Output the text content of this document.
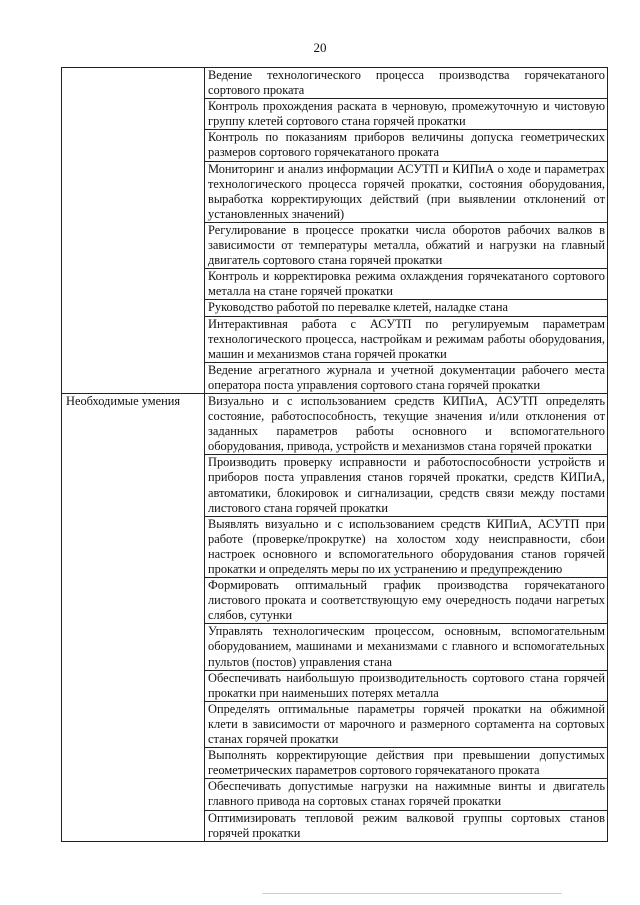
20
	Ведение технологического процесса производства горячекатаного сортового проката
	Контроль прохождения раската в черновую, промежуточную и чистовую группу клетей сортового стана горячей прокатки
	Контроль по показаниям приборов величины допуска геометрических размеров сортового горячекатаного проката
	Мониторинг и анализ информации АСУТП и КИПиА о ходе и параметрах технологического процесса горячей прокатки, состояния оборудования, выработка корректирующих действий (при выявлении отклонений от установленных значений)
	Регулирование в процессе прокатки числа оборотов рабочих валков в зависимости от температуры металла, обжатий и нагрузки на главный двигатель сортового стана горячей прокатки
	Контроль и корректировка режима охлаждения горячекатаного сортового металла на стане горячей прокатки
	Руководство работой по перевалке клетей, наладке стана
	Интерактивная работа с АСУТП по регулируемым параметрам технологического процесса, настройкам и режимам работы оборудования, машин и механизмов стана горячей прокатки
	Ведение агрегатного журнала и учетной документации рабочего места оператора поста управления сортового стана горячей прокатки
Необходимые умения	Визуально и с использованием средств КИПиА, АСУТП определять состояние, работоспособность, текущие значения и/или отклонения от заданных параметров работы основного и вспомогательного оборудования, привода, устройств и механизмов стана горячей прокатки
	Производить проверку исправности и работоспособности устройств и приборов поста управления станов горячей прокатки, средств КИПиА, автоматики, блокировок и сигнализации, средств связи между постами листового стана горячей прокатки
	Выявлять визуально и с использованием средств КИПиА, АСУТП при работе (проверке/прокрутке) на холостом ходу неисправности, сбои настроек основного и вспомогательного оборудования станов горячей прокатки и определять меры по их устранению и предупреждению
	Формировать оптимальный график производства горячекатаного листового проката и соответствующую ему очередность подачи нагретых слябов, сутунки
	Управлять технологическим процессом, основным, вспомогательным оборудованием, машинами и механизмами с главного и вспомогательных пультов (постов) управления стана
	Обеспечивать наибольшую производительность сортового стана горячей прокатки при наименьших потерях металла
	Определять оптимальные параметры горячей прокатки на обжимной клети в зависимости от марочного и размерного сортамента на сортовых станах горячей прокатки
	Выполнять корректирующие действия при превышении допустимых геометрических параметров сортового горячекатаного проката
	Обеспечивать допустимые нагрузки на нажимные винты и двигатель главного привода на сортовых станах горячей прокатки
	Оптимизировать тепловой режим валковой группы сортовых станов горячей прокатки
